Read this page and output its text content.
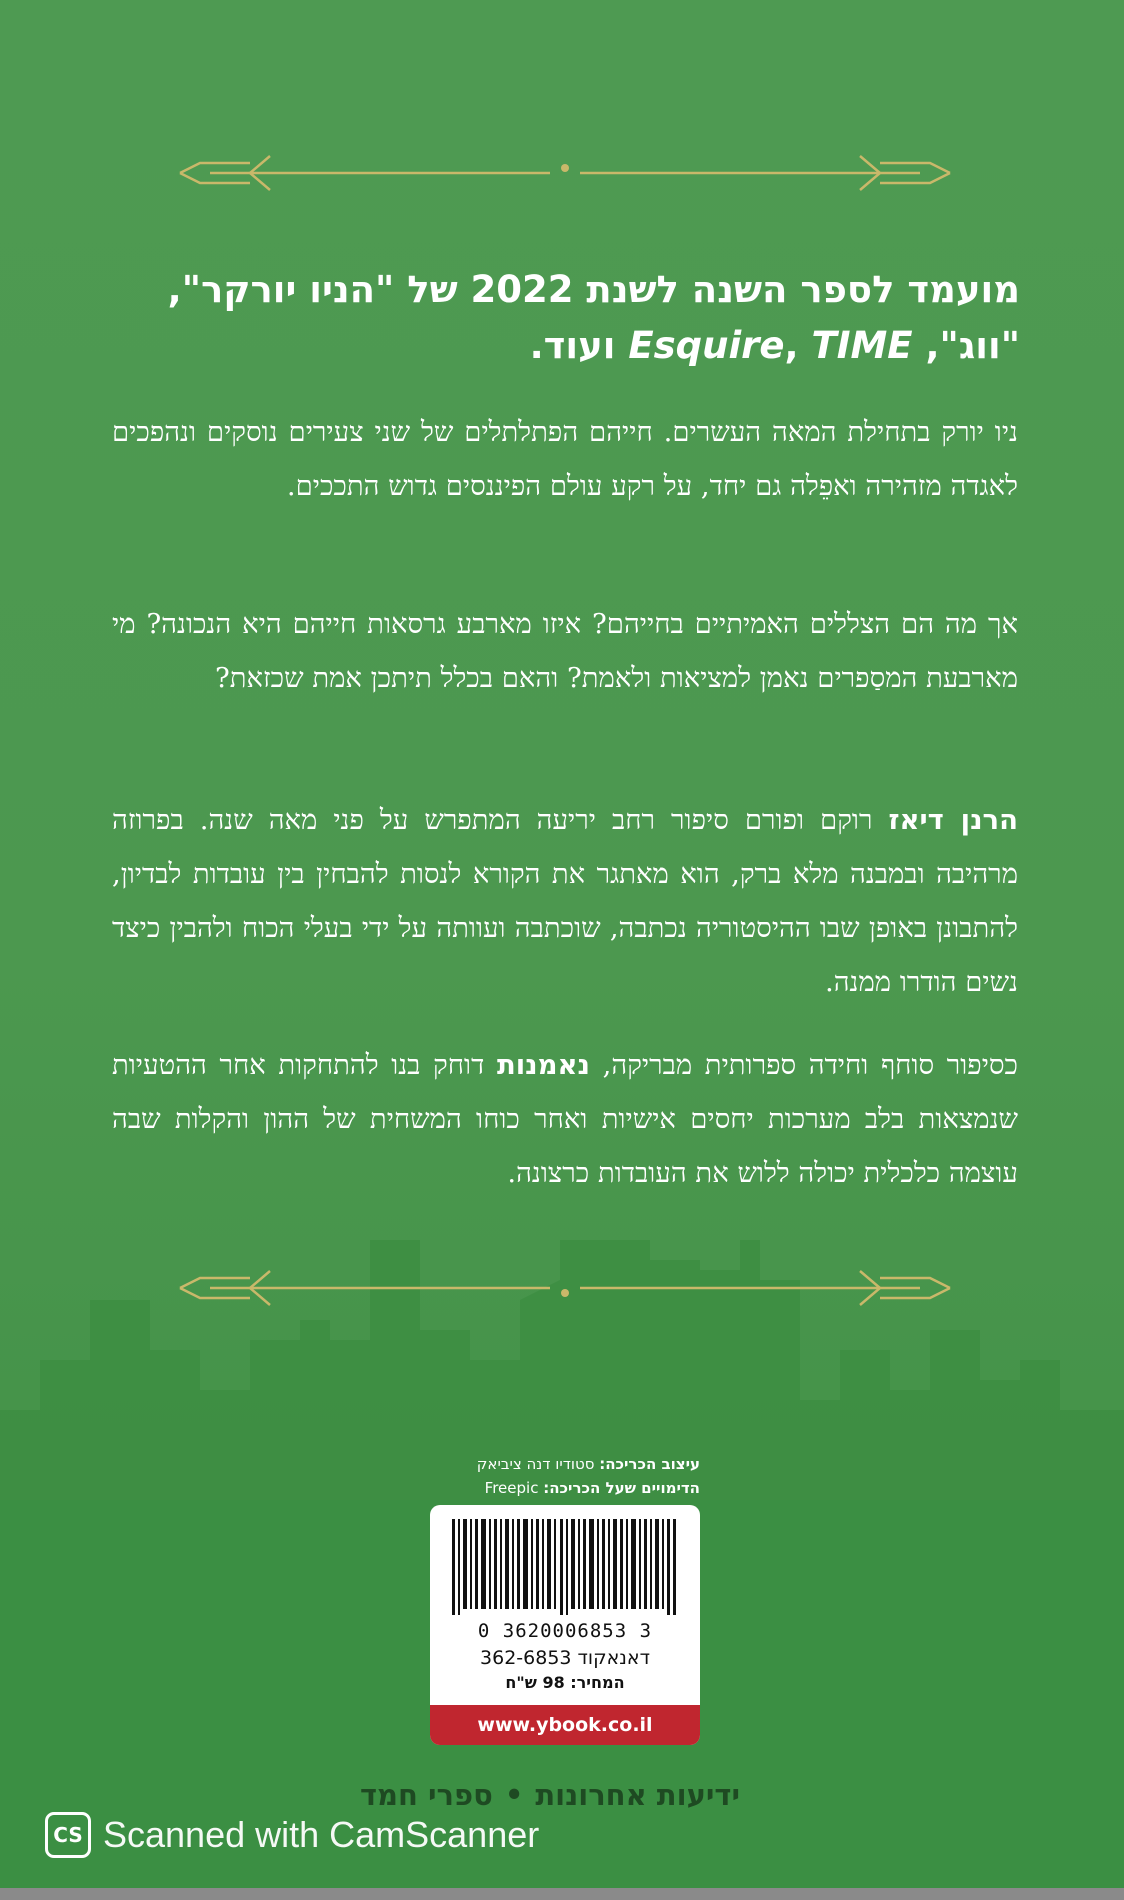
מועמד לספר השנה לשנת 2022 של "הניו יורקר",
"ווג", Esquire, TIME ועוד.
ניו יורק בתחילת המאה העשרים. חייהם הפתלתלים של שני צעירים נוסקים ונהפכים לאגדה מזהירה ואפֵלה גם יחד, על רקע עולם הפיננסים גדוש התככים.
אך מה הם הצללים האמיתיים בחייהם? איזו מארבע גרסאות חייהם היא הנכונה? מי מארבעת המסַפרים נאמן למציאות ולאמת? והאם בכלל תיתכן אמת שכזאת?
הרנן דיאז רוקם ופורם סיפור רחב יריעה המתפרש על פני מאה שנה. בפרוזה מרהיבה ובמבנה מלא ברק, הוא מאתגר את הקורא לנסות להבחין בין עובדות לבדיון, להתבונן באופן שבו ההיסטוריה נכתבה, שוכתבה ועוותה על ידי בעלי הכוח ולהבין כיצד נשים הודרו ממנה.
כסיפור סוחף וחידה ספרותית מבריקה, נאמנות דוחק בנו להתחקות אחר ההטעיות שנמצאות בלב מערכות יחסים אישיות ואחר כוחו המשחית של ההון והקלות שבה עוצמה כלכלית יכולה ללוש את העובדות כרצונה.
עיצוב הכריכה: סטודיו דנה ציביאק
הדימויים שעל הכריכה: Freepic
0 3620006853 3
דאנאקוד 362-6853
המחיר: 98 ש"ח
www.ybook.co.il
ידיעות אחרונות•ספרי חמד
CS Scanned with CamScanner
